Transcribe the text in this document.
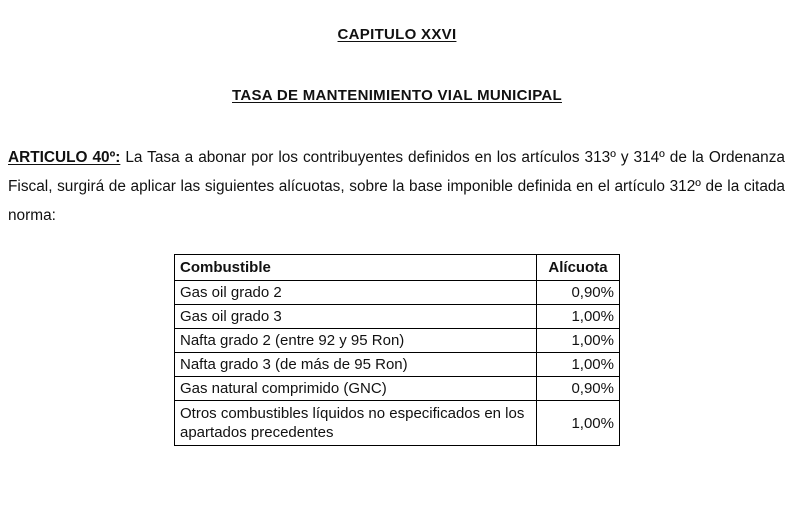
CAPITULO XXVI
TASA DE MANTENIMIENTO VIAL MUNICIPAL
ARTICULO 40º: La Tasa a abonar por los contribuyentes definidos en los artículos 313º y 314º de la Ordenanza Fiscal, surgirá de aplicar las siguientes alícuotas, sobre la base imponible definida en el artículo 312º de la citada norma:
Combustible	Alícuota
Gas oil grado 2	0,90%
Gas oil grado 3	1,00%
Nafta grado 2 (entre 92 y 95 Ron)	1,00%
Nafta grado 3 (de más de 95 Ron)	1,00%
Gas natural comprimido (GNC)	0,90%
Otros combustibles líquidos no especificados en los apartados precedentes	1,00%
